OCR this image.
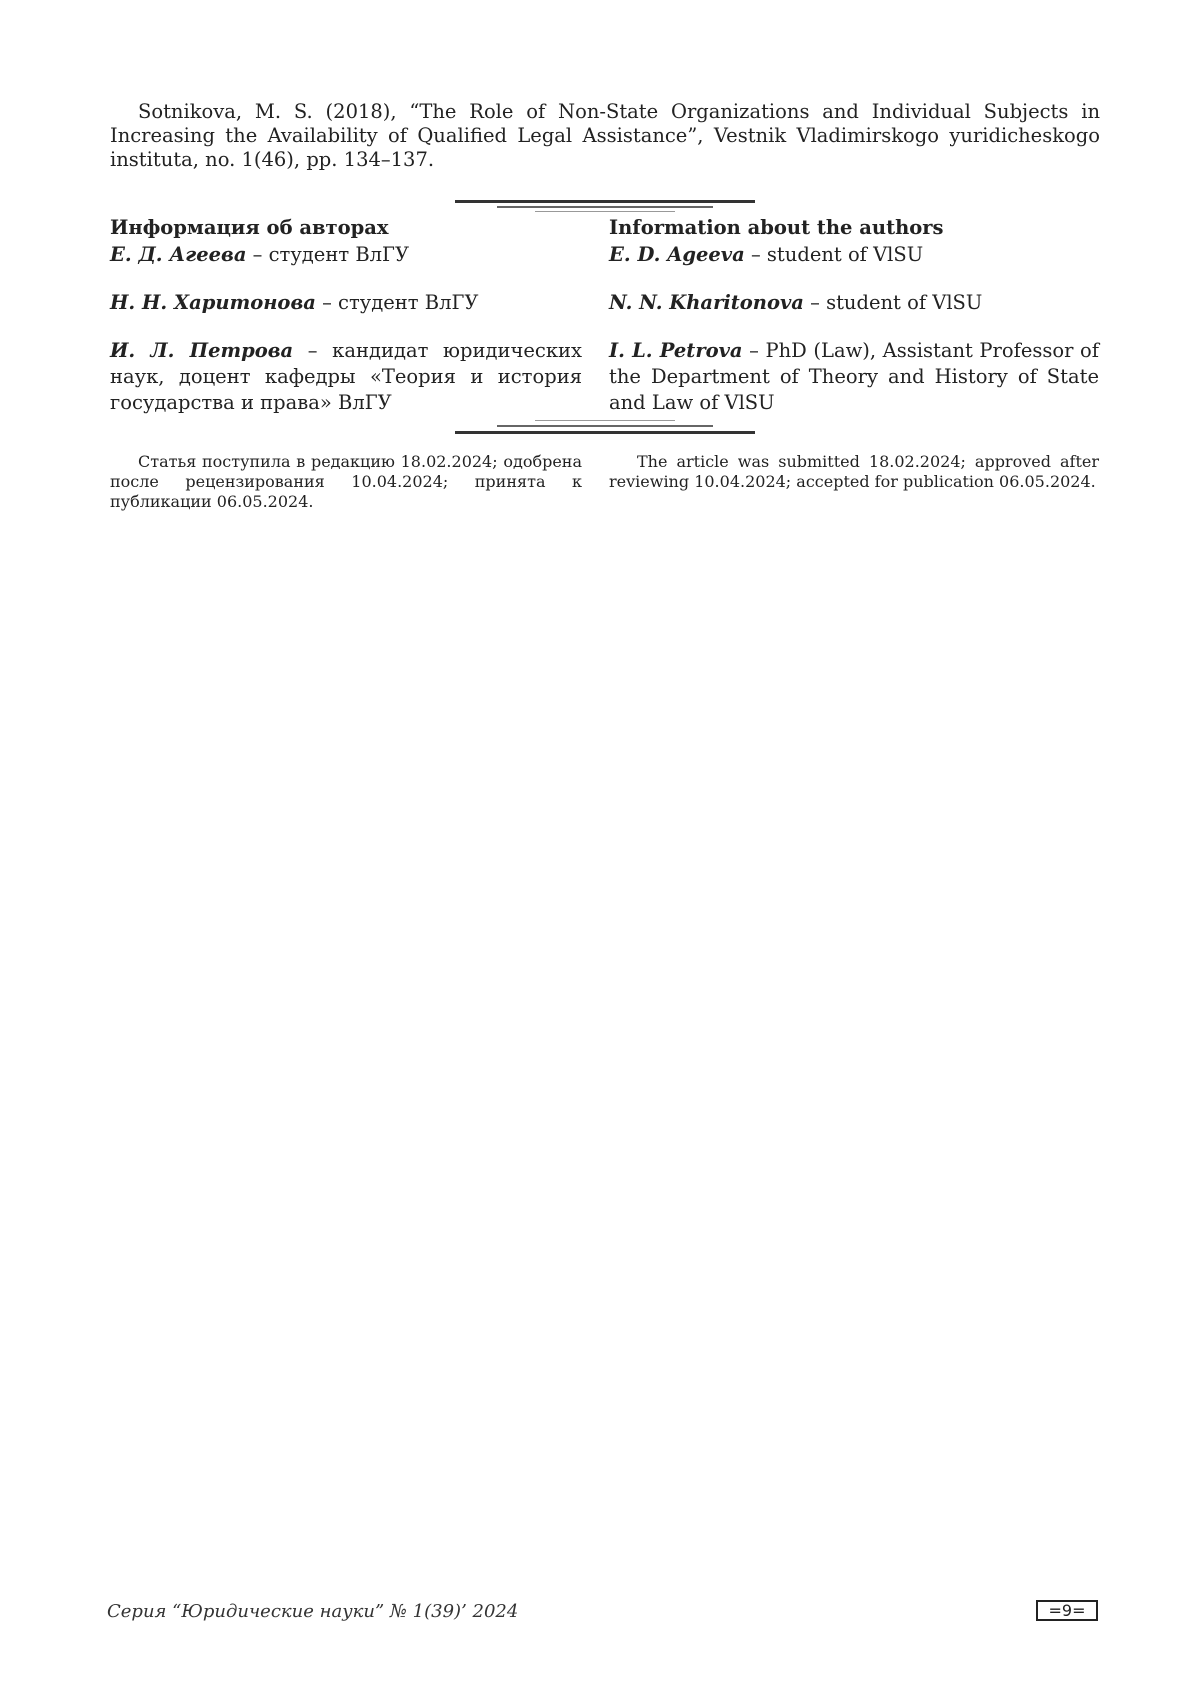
Sotnikova, M. S. (2018), “The Role of Non-State Organizations and Individual Subjects in Increasing the Availability of Qualified Legal Assistance”, Vestnik Vladimirskogo yuridicheskogo instituta, no. 1(46), pp. 134–137.

Информация об авторах

Е. Д. Агеева – студент ВлГУ

Н. Н. Харитонова – студент ВлГУ

И. Л. Петрова – кандидат юридических наук, доцент кафедры «Теория и история государства и права» ВлГУ

Information about the authors

E. D. Ageeva – student of VlSU

N. N. Kharitonova – student of VlSU

I. L. Petrova – PhD (Law), Assistant Professor of the Department of Theory and History of State and Law of VlSU

Статья поступила в редакцию 18.02.2024; одобрена после рецензирования 10.04.2024; принята к публикации 06.05.2024.

The article was submitted 18.02.2024; approved after reviewing 10.04.2024; accepted for publication 06.05.2024.

Серия “Юридические науки” № 1(39)’ 2024	=9=
